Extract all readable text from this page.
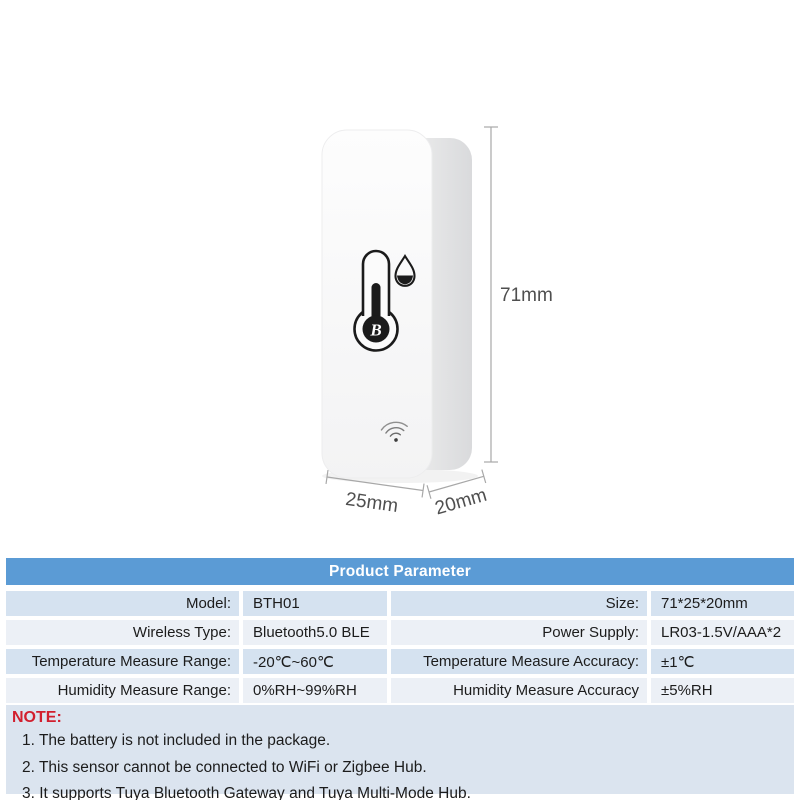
B
71mm
25mm 20mm
Product Parameter
Model:	BTH01	Size:	71*25*20mm
Wireless Type:	Bluetooth5.0 BLE	Power Supply:	LR03-1.5V/AAA*2
Temperature Measure Range:	-20℃~60℃	Temperature Measure Accuracy:	±1℃
Humidity Measure Range:	0%RH~99%RH	Humidity Measure Accuracy	±5%RH
NOTE:
1. The battery is not included in the package.
2. This sensor cannot be connected to WiFi or Zigbee Hub.
3. It supports Tuya Bluetooth Gateway and Tuya Multi-Mode Hub.
